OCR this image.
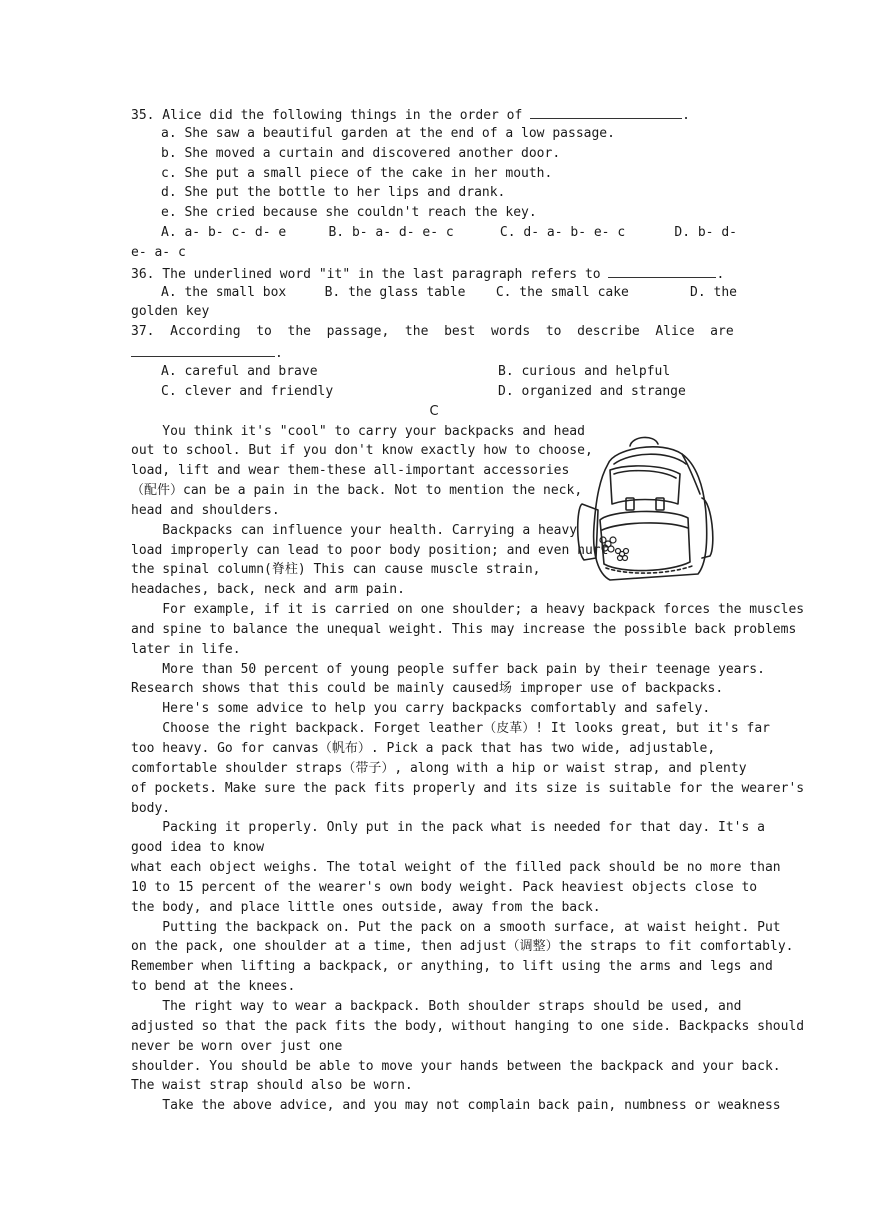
35. Alice did the following things in the order of	.
a. She saw a beautiful garden at the end of a low passage.
b. She moved a curtain and discovered another door.
c. She put a small piece of the cake in her mouth.
d. She put the bottle to her lips and drank.
e. She cried because she couldn't reach the key.
A. a- b- c- d- e	B. b- a- d- e- c	C. d- a- b- e- c	D. b- d-
e- a- c
36. The underlined word "it" in the last paragraph refers to	.
A. the small box	B. the glass table	C. the small cake	D. the
golden key
37.  According  to  the  passage,  the  best  words  to  describe  Alice  are
.
A. careful and brave	B. curious and helpful
C. clever and friendly	D. organized and strange
C
You think it's "cool" to carry your backpacks and head
out to school. But if you don't know exactly how to choose,
load, lift and wear them-these all-important accessories
（配件）can be a pain in the back. Not to mention the neck,
head and shoulders.
Backpacks can influence your health. Carrying a heavy
load improperly can lead to poor body position; and even hurt
the spinal column(脊柱) This can cause muscle strain,
headaches, back, neck and arm pain.
For example, if it is carried on one shoulder; a heavy backpack forces the muscles
and spine to balance the unequal weight. This may increase the possible back problems
later in life.
More than 50 percent of young people suffer back pain by their teenage years.
Research shows that this could be mainly caused场 improper use of backpacks.
Here's some advice to help you carry backpacks comfortably and safely.
Choose the right backpack. Forget leather（皮革）! It looks great, but it's far
too heavy. Go for canvas（帆布）. Pick a pack that has two wide, adjustable,
comfortable shoulder straps（带子）, along with a hip or waist strap, and plenty
of pockets. Make sure the pack fits properly and its size is suitable for the wearer's
body.
Packing it properly. Only put in the pack what is needed for that day. It's a
good idea to know
what each object weighs. The total weight of the filled pack should be no more than
10 to 15 percent of the wearer's own body weight. Pack heaviest objects close to
the body, and place little ones outside, away from the back.
Putting the backpack on. Put the pack on a smooth surface, at waist height. Put
on the pack, one shoulder at a time, then adjust（调整）the straps to fit comfortably.
Remember when lifting a backpack, or anything, to lift using the arms and legs and
to bend at the knees.
The right way to wear a backpack. Both shoulder straps should be used, and
adjusted so that the pack fits the body, without hanging to one side. Backpacks should
never be worn over just one
shoulder. You should be able to move your hands between the backpack and your back.
The waist strap should also be worn.
Take the above advice, and you may not complain back pain, numbness or weakness
